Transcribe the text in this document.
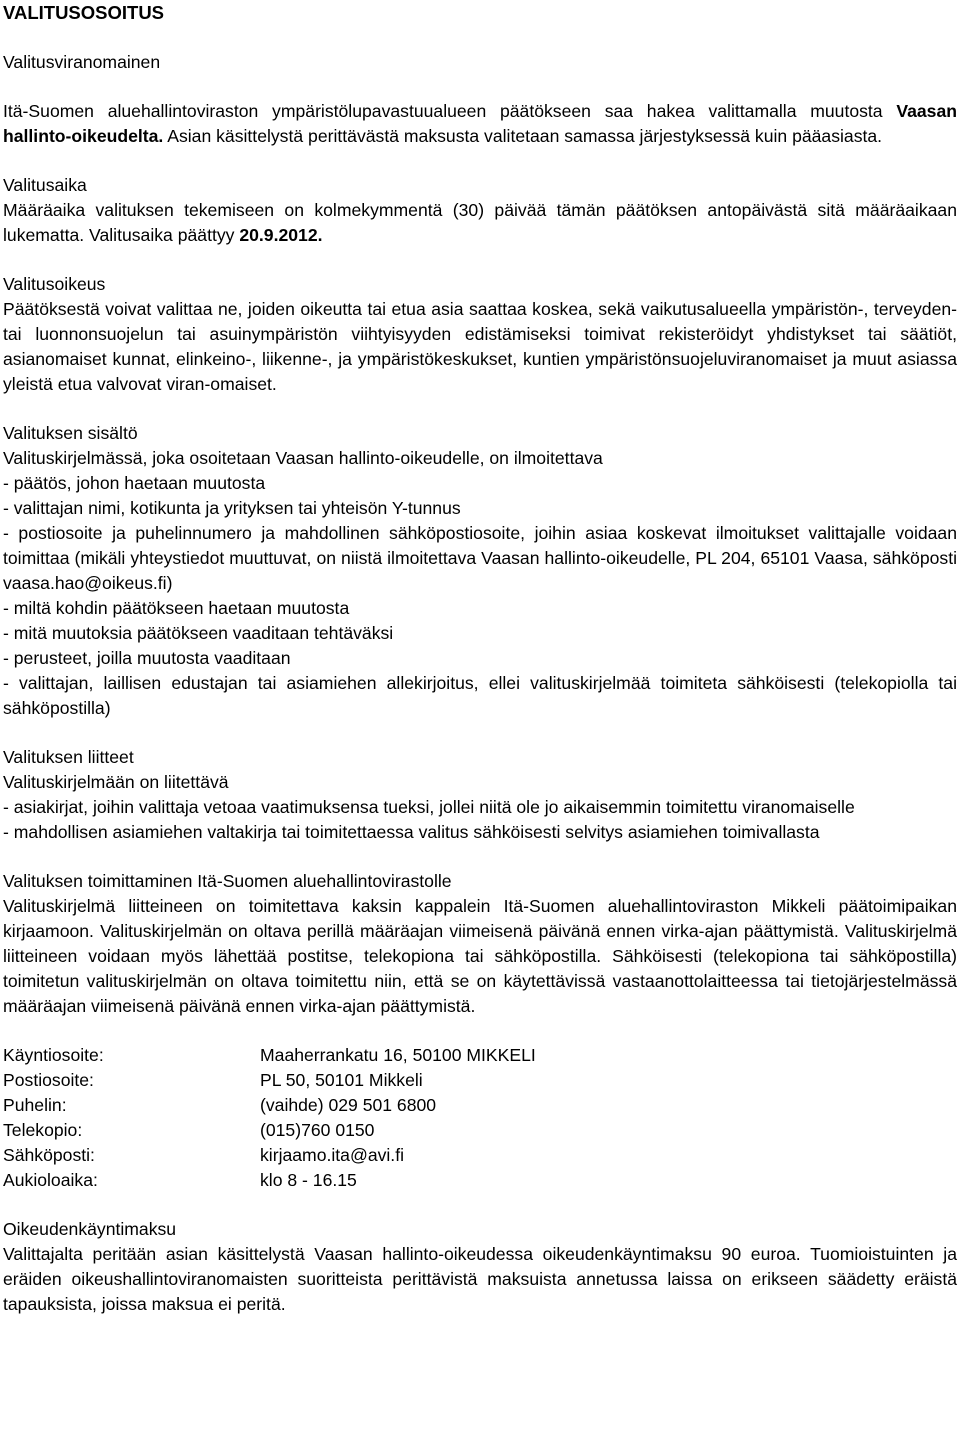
VALITUSOSOITUS

Valitusviranomainen

Itä-Suomen aluehallintoviraston ympäristölupavastuualueen päätökseen saa hakea valittamalla muutosta Vaasan hallinto-oikeudelta. Asian käsittelystä perittävästä maksusta valitetaan samassa järjestyksessä kuin pääasiasta.

Valitusaika

Määräaika valituksen tekemiseen on kolmekymmentä (30) päivää tämän päätöksen antopäivästä sitä määräaikaan lukematta. Valitusaika päättyy 20.9.2012.

Valitusoikeus

Päätöksestä voivat valittaa ne, joiden oikeutta tai etua asia saattaa koskea, sekä vaikutusalueella ympäristön-, terveyden- tai luonnonsuojelun tai asuinympäristön viihtyisyyden edistämiseksi toimivat rekisteröidyt yhdistykset tai säätiöt, asianomaiset kunnat, elinkeino-, liikenne-, ja ympäristökeskukset, kuntien ympäristönsuojeluviranomaiset ja muut asiassa yleistä etua valvovat viran-omaiset.

Valituksen sisältö

Valituskirjelmässä, joka osoitetaan Vaasan hallinto-oikeudelle, on ilmoitettava

- päätös, johon haetaan muutosta

- valittajan nimi, kotikunta ja yrityksen tai yhteisön Y-tunnus

- postiosoite ja puhelinnumero ja mahdollinen sähköpostiosoite, joihin asiaa koskevat ilmoitukset valittajalle voidaan toimittaa (mikäli yhteystiedot muuttuvat, on niistä ilmoitettava Vaasan hallinto-oikeudelle, PL 204, 65101 Vaasa, sähköposti vaasa.hao@oikeus.fi)

- miltä kohdin päätökseen haetaan muutosta

- mitä muutoksia päätökseen vaaditaan tehtäväksi

- perusteet, joilla muutosta vaaditaan

- valittajan, laillisen edustajan tai asiamiehen allekirjoitus, ellei valituskirjelmää toimiteta sähköisesti (telekopiolla tai sähköpostilla)

Valituksen liitteet

Valituskirjelmään on liitettävä

- asiakirjat, joihin valittaja vetoaa vaatimuksensa tueksi, jollei niitä ole jo aikaisemmin toimitettu viranomaiselle

- mahdollisen asiamiehen valtakirja tai toimitettaessa valitus sähköisesti selvitys asiamiehen toimivallasta

Valituksen toimittaminen Itä-Suomen aluehallintovirastolle

Valituskirjelmä liitteineen on toimitettava kaksin kappalein Itä-Suomen aluehallintoviraston Mikkeli päätoimipaikan kirjaamoon. Valituskirjelmän on oltava perillä määräajan viimeisenä päivänä ennen virka-ajan päättymistä. Valituskirjelmä liitteineen voidaan myös lähettää postitse, telekopiona tai sähköpostilla. Sähköisesti (telekopiona tai sähköpostilla) toimitetun valituskirjelmän on oltava toimitettu niin, että se on käytettävissä vastaanottolaitteessa tai tietojärjestelmässä määräajan viimeisenä päivänä ennen virka-ajan päättymistä.

Käyntiosoite:	Maaherrankatu 16, 50100 MIKKELI
Postiosoite:	PL 50, 50101 Mikkeli
Puhelin:	(vaihde) 029 501 6800
Telekopio:	(015)760 0150
Sähköposti:	kirjaamo.ita@avi.fi
Aukioloaika:	klo 8 - 16.15

Oikeudenkäyntimaksu

Valittajalta peritään asian käsittelystä Vaasan hallinto-oikeudessa oikeudenkäyntimaksu 90 euroa. Tuomioistuinten ja eräiden oikeushallintoviranomaisten suoritteista perittävistä maksuista annetussa laissa on erikseen säädetty eräistä tapauksista, joissa maksua ei peritä.
